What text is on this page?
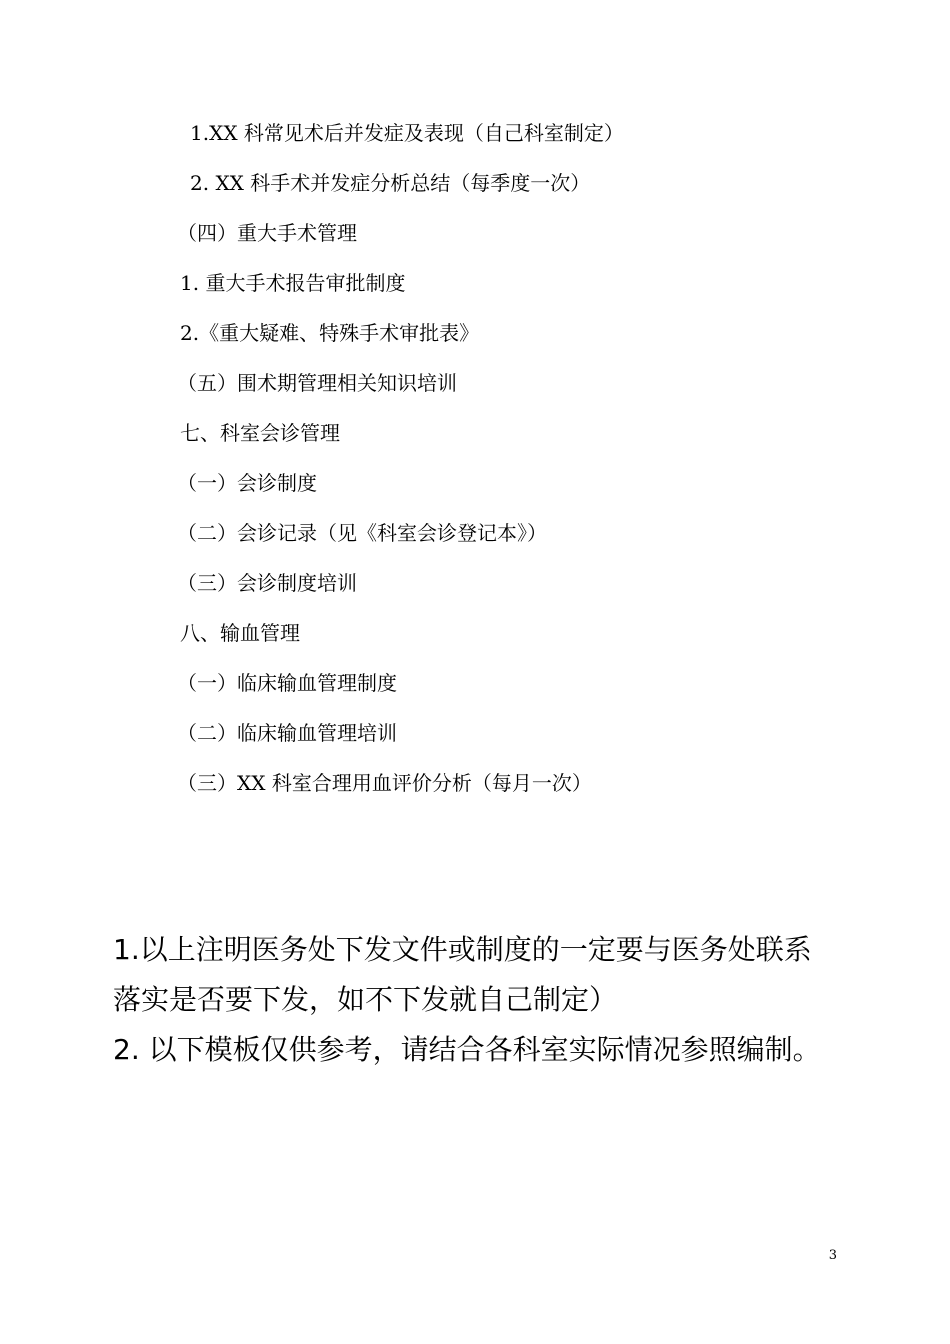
1.XX 科常见术后并发症及表现（自己科室制定）
2. XX 科手术并发症分析总结（每季度一次）
（四）重大手术管理
1. 重大手术报告审批制度
2.《重大疑难、特殊手术审批表》
（五）围术期管理相关知识培训
七、科室会诊管理
（一）会诊制度
（二）会诊记录（见《科室会诊登记本》）
（三）会诊制度培训
八、输血管理
（一）临床输血管理制度
（二）临床输血管理培训
（三）XX 科室合理用血评价分析（每月一次）
1.以上注明医务处下发文件或制度的一定要与医务处联系
落实是否要下发，如不下发就自己制定）
2. 以下模板仅供参考，请结合各科室实际情况参照编制。
3
